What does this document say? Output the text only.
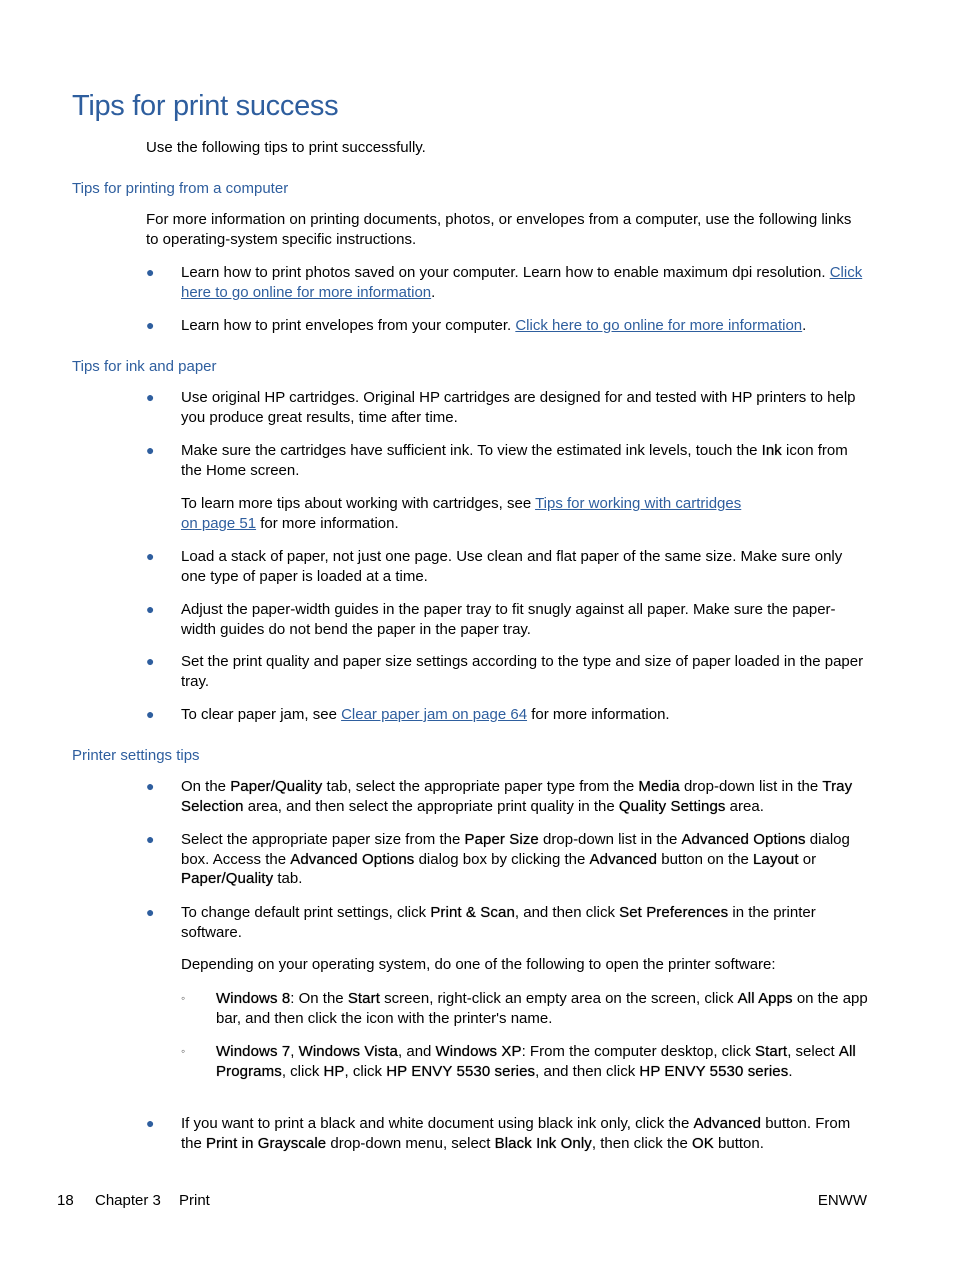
Tips for print success
Use the following tips to print successfully.
Tips for printing from a computer
For more information on printing documents, photos, or envelopes from a computer, use the following links to operating-system specific instructions.
● Learn how to print photos saved on your computer. Learn how to enable maximum dpi resolution. Click here to go online for more information.
● Learn how to print envelopes from your computer. Click here to go online for more information.
Tips for ink and paper
● Use original HP cartridges. Original HP cartridges are designed for and tested with HP printers to help you produce great results, time after time.
● Make sure the cartridges have sufficient ink. To view the estimated ink levels, touch the Ink icon from the Home screen.
To learn more tips about working with cartridges, see Tips for working with cartridges
on page 51 for more information.
● Load a stack of paper, not just one page. Use clean and flat paper of the same size. Make sure only one type of paper is loaded at a time.
● Adjust the paper-width guides in the paper tray to fit snugly against all paper. Make sure the paper-width guides do not bend the paper in the paper tray.
● Set the print quality and paper size settings according to the type and size of paper loaded in the paper tray.
● To clear paper jam, see Clear paper jam on page 64 for more information.
Printer settings tips
● On the Paper/Quality tab, select the appropriate paper type from the Media drop-down list in the Tray Selection area, and then select the appropriate print quality in the Quality Settings area.
● Select the appropriate paper size from the Paper Size drop-down list in the Advanced Options dialog box. Access the Advanced Options dialog box by clicking the Advanced button on the Layout or Paper/Quality tab.
● To change default print settings, click Print & Scan, and then click Set Preferences in the printer software.
Depending on your operating system, do one of the following to open the printer software:
◦	Windows 8: On the Start screen, right-click an empty area on the screen, click All Apps on the app bar, and then click the icon with the printer's name.
◦	Windows 7, Windows Vista, and Windows XP: From the computer desktop, click Start, select All Programs, click HP, click HP ENVY 5530 series, and then click HP ENVY 5530 series.
● If you want to print a black and white document using black ink only, click the Advanced button. From the Print in Grayscale drop-down menu, select Black Ink Only, then click the OK button.
18 Chapter 3 Print	ENWW
